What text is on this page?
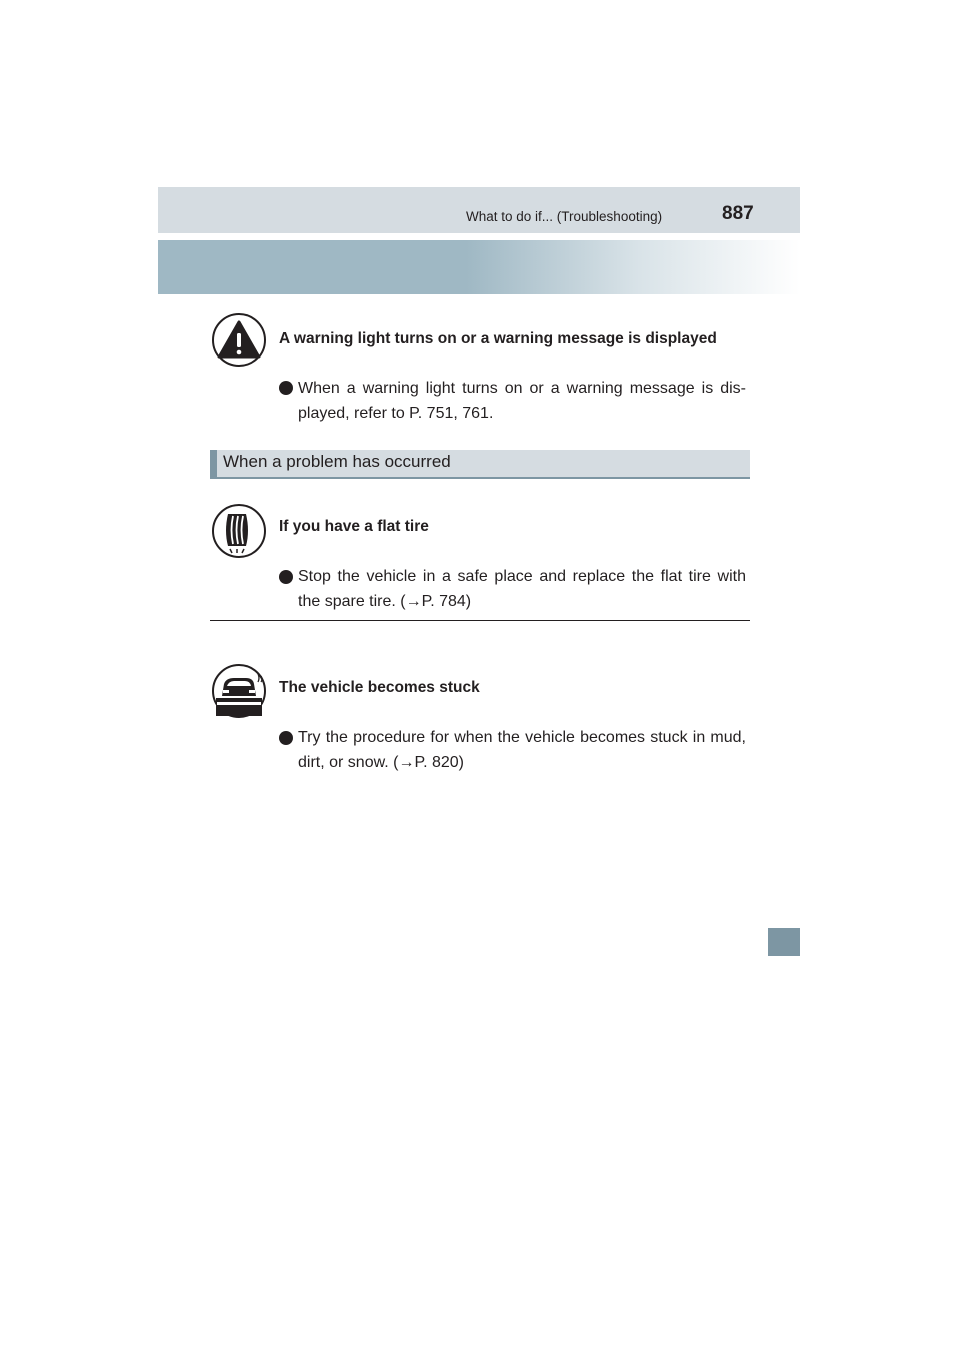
What to do if... (Troubleshooting)	887
A warning light turns on or a warning message is displayed
When a warning light turns on or a warning message is dis-played, refer to P. 751, 761.
When a problem has occurred
If you have a flat tire
Stop the vehicle in a safe place and replace the flat tire with the spare tire. (→P. 784)
The vehicle becomes stuck
Try the procedure for when the vehicle becomes stuck in mud, dirt, or snow. (→P. 820)
